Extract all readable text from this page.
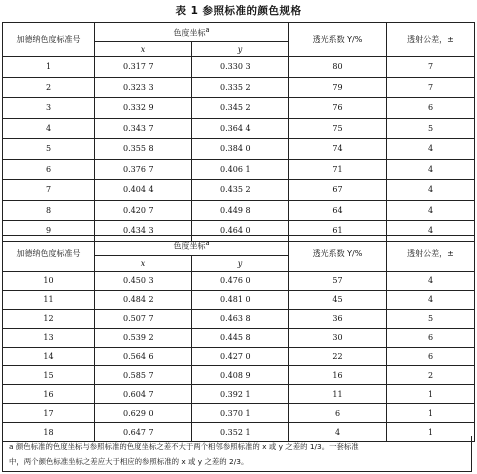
表 1 参照标准的颜色规格
加德纳色度标准号	色度坐标$^a$		透光系数 Y/%	透射公差，±
	x	y		
1	0.317 7	0.330 3	80	7
2	0.323 3	0.335 2	79	7
3	0.332 9	0.345 2	76	6
4	0.343 7	0.364 4	75	5
5	0.355 8	0.384 0	74	4
6	0.376 7	0.406 1	71	4
7	0.404 4	0.435 2	67	4
8	0.420 7	0.449 8	64	4
9	0.434 3	0.464 0	61	4
加德纳色度标准号	色度坐标$^a$		透光系数 Y/%	透射公差，±
	x	y		
10	0.450 3	0.476 0	57	4
11	0.484 2	0.481 0	45	4
12	0.507 7	0.463 8	36	5
13	0.539 2	0.445 8	30	6
14	0.564 6	0.427 0	22	6
15	0.585 7	0.408 9	16	2
16	0.604 7	0.392 1	11	1
17	0.629 0	0.370 1	6	1
18	0.647 7	0.352 1	4	1
a 颜色标准的色度坐标与参照标准的色度坐标之差不大于两个相邻参照标准的 x 或 y 之差的 1/3。一套标准
中，两个颜色标准坐标之差应大于相应的参照标准的 x 或 y 之差的 2/3。
